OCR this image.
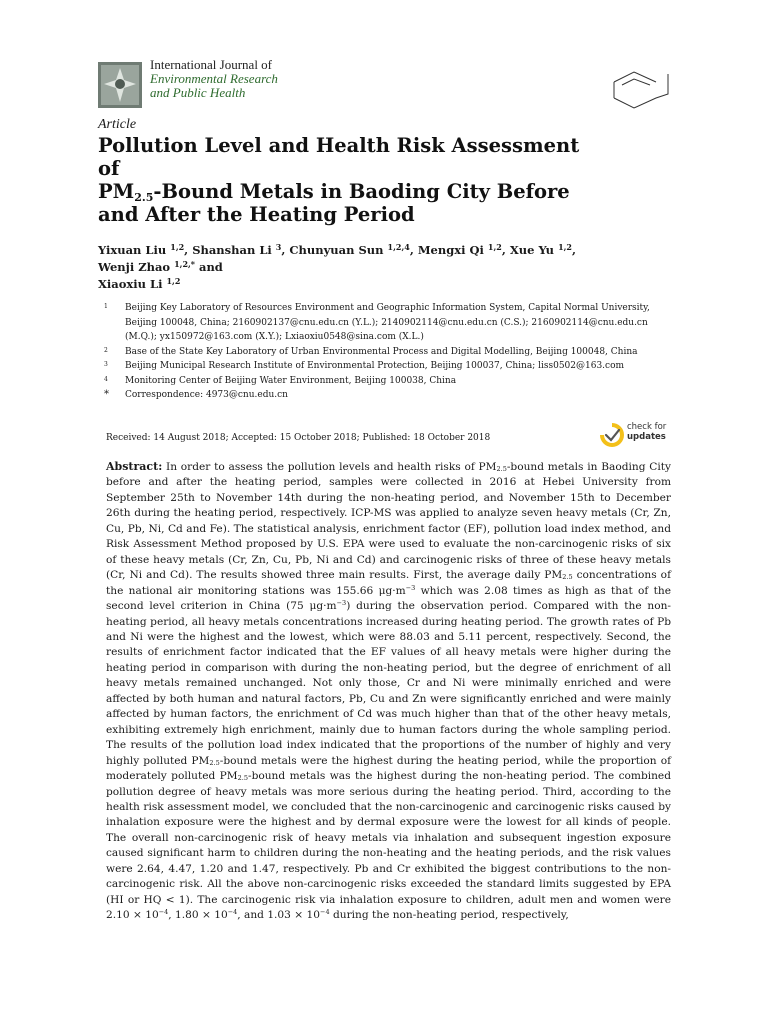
International Journal of
Environmental Research
and Public Health
Article
Pollution Level and Health Risk Assessment
of
$PM_{2.5}$-Bound Metals in Baoding City Before
and After the Heating Period
Yixuan Liu $^{1,2}$, Shanshan Li $^3$, Chunyuan Sun $^{1,2,4}$, Mengxi Qi $^{1,2}$, Xue Yu $^{1,2}$,
Wenji Zhao $^{1,2,*}$ and
Xiaoxiu Li $^{1,2}$
1 Beijing Key Laboratory of Resources Environment and Geographic Information System, Capital Normal University, Beijing 100048, China; 2160902137@cnu.edu.cn (Y.L.); 2140902114@cnu.edu.cn (C.S.); 2160902114@cnu.edu.cn (M.Q.); yx150972@163.com (X.Y.); Lxiaoxiu0548@sina.com (X.L.)
2 Base of the State Key Laboratory of Urban Environmental Process and Digital Modelling, Beijing 100048, China
3 Beijing Municipal Research Institute of Environmental Protection, Beijing 100037, China; liss0502@163.com
4 Monitoring Center of Beijing Water Environment, Beijing 100038, China
* Correspondence: 4973@cnu.edu.cn
Received: 14 August 2018; Accepted: 15 October 2018; Published: 18 October 2018
check for
updates
Abstract: In order to assess the pollution levels and health risks of $PM_{2.5}$-bound metals in Baoding City before and after the heating period, samples were collected in 2016 at Hebei University from September 25th to November 14th during the non-heating period, and November 15th to December 26th during the heating period, respectively. ICP-MS was applied to analyze seven heavy metals (Cr, Zn, Cu, Pb, Ni, Cd and Fe). The statistical analysis, enrichment factor (EF), pollution load index method, and Risk Assessment Method proposed by U.S. EPA were used to evaluate the non-carcinogenic risks of six of these heavy metals (Cr, Zn, Cu, Pb, Ni and Cd) and carcinogenic risks of three of these heavy metals (Cr, Ni and Cd). The results showed three main results. First, the average daily $PM_{2.5}$ concentrations of the national air monitoring stations was 155.66 $\mu g\cdot m^{-3}$ which was 2.08 times as high as that of the second level criterion in China (75 $\mu g\cdot m^{-3}$) during the observation period. Compared with the non-heating period, all heavy metals concentrations increased during heating period. The growth rates of Pb and Ni were the highest and the lowest, which were 88.03 and 5.11 percent, respectively. Second, the results of enrichment factor indicated that the EF values of all heavy metals were higher during the heating period in comparison with during the non-heating period, but the degree of enrichment of all heavy metals remained unchanged. Not only those, Cr and Ni were minimally enriched and were affected by both human and natural factors, Pb, Cu and Zn were significantly enriched and were mainly affected by human factors, the enrichment of Cd was much higher than that of the other heavy metals, exhibiting extremely high enrichment, mainly due to human factors during the whole sampling period. The results of the pollution load index indicated that the proportions of the number of highly and very highly polluted $PM_{2.5}$-bound metals were the highest during the heating period, while the proportion of moderately polluted $PM_{2.5}$-bound metals was the highest during the non-heating period. The combined pollution degree of heavy metals was more serious during the heating period. Third, according to the health risk assessment model, we concluded that the non-carcinogenic and carcinogenic risks caused by inhalation exposure were the highest and by dermal exposure were the lowest for all kinds of people. The overall non-carcinogenic risk of heavy metals via inhalation and subsequent ingestion exposure caused significant harm to children during the non-heating and the heating periods, and the risk values were 2.64, 4.47, 1.20 and 1.47, respectively. Pb and Cr exhibited the biggest contributions to the non-carcinogenic risk. All the above non-carcinogenic risks exceeded the standard limits suggested by EPA (HI or HQ < 1). The carcinogenic risk via inhalation exposure to children, adult men and women were $2.10 \times 10^{-4}$, $1.80 \times 10^{-4}$, and $1.03 \times 10^{-4}$ during the non-heating period, respectively,
